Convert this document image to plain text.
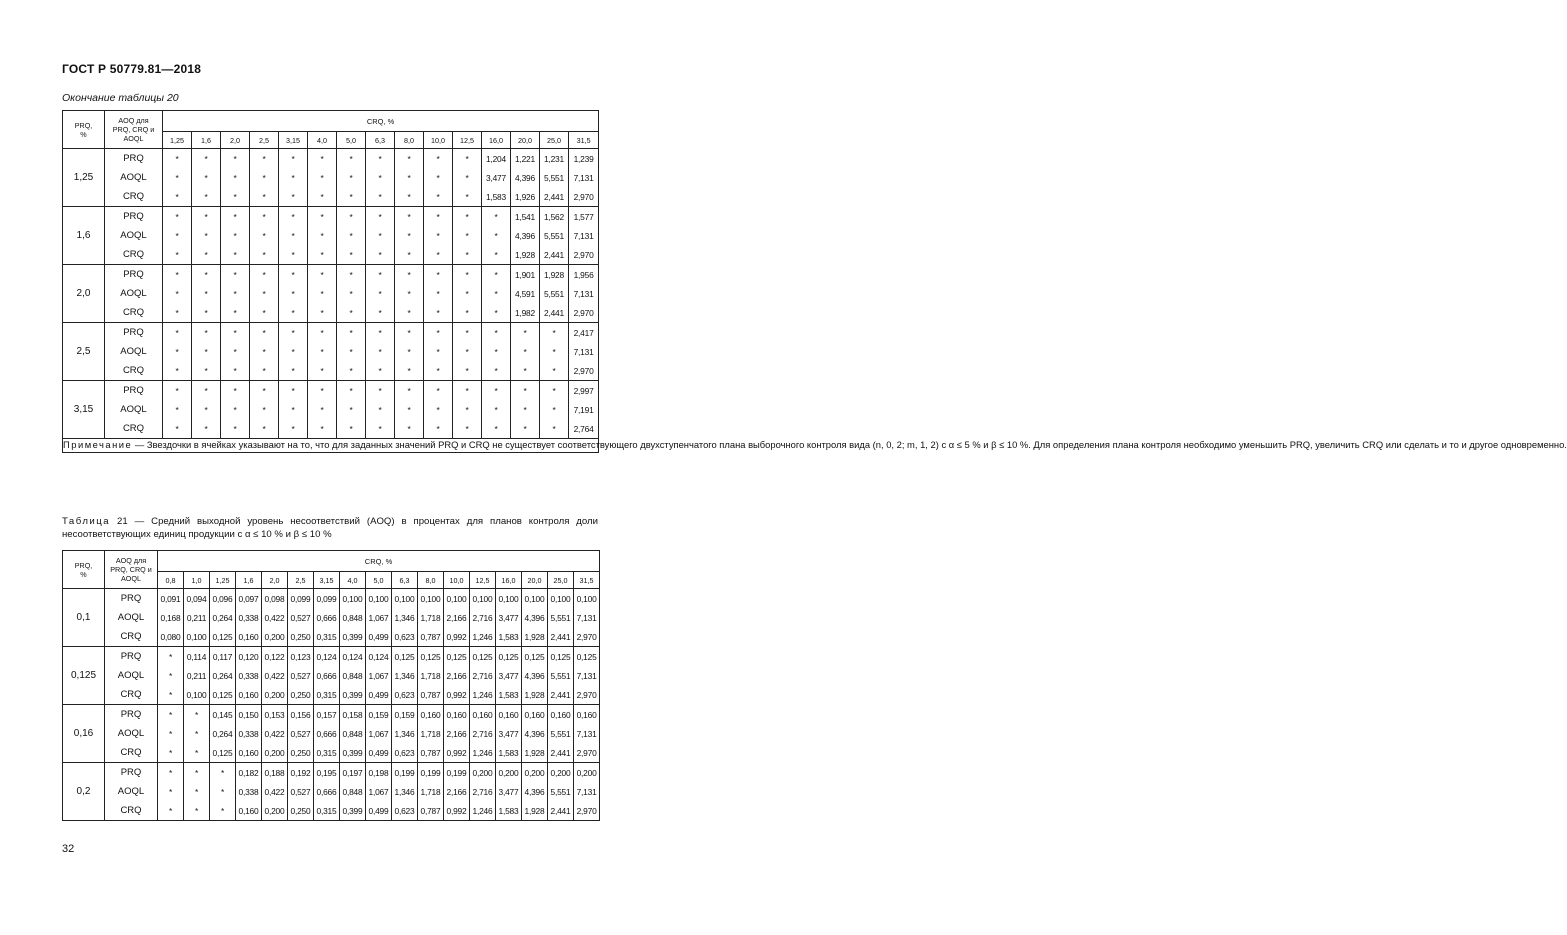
ГОСТ Р 50779.81—2018
Окончание таблицы 20
PRQ, %	AOQ для PRQ, CRQ и AOQL	CRQ, %														
		1,25	1,6	2,0	2,5	3,15	4,0	5,0	6,3	8,0	10,0	12,5	16,0	20,0	25,0	31,5
1,25	PRQ	*	*	*	*	*	*	*	*	*	*	*	1,204	1,221	1,231	1,239
	AOQL	*	*	*	*	*	*	*	*	*	*	*	3,477	4,396	5,551	7,131
	CRQ	*	*	*	*	*	*	*	*	*	*	*	1,583	1,926	2,441	2,970
1,6	PRQ	*	*	*	*	*	*	*	*	*	*	*	*	1,541	1,562	1,577
	AOQL	*	*	*	*	*	*	*	*	*	*	*	*	4,396	5,551	7,131
	CRQ	*	*	*	*	*	*	*	*	*	*	*	*	1,928	2,441	2,970
2,0	PRQ	*	*	*	*	*	*	*	*	*	*	*	*	1,901	1,928	1,956
	AOQL	*	*	*	*	*	*	*	*	*	*	*	*	4,591	5,551	7,131
	CRQ	*	*	*	*	*	*	*	*	*	*	*	*	1,982	2,441	2,970
2,5	PRQ	*	*	*	*	*	*	*	*	*	*	*	*	*	*	2,417
	AOQL	*	*	*	*	*	*	*	*	*	*	*	*	*	*	7,131
	CRQ	*	*	*	*	*	*	*	*	*	*	*	*	*	*	2,970
3,15	PRQ	*	*	*	*	*	*	*	*	*	*	*	*	*	*	2,997
	AOQL	*	*	*	*	*	*	*	*	*	*	*	*	*	*	7,191
	CRQ	*	*	*	*	*	*	*	*	*	*	*	*	*	*	2,764
Примечание — Звездочки в ячейках указывают на то, что для заданных значений PRQ и CRQ не существует соответствующего двухступенчатого плана выборочного контроля вида (n, 0, 2; m, 1, 2) с α ≤ 5 % и β ≤ 10 %. Для определения плана контроля необходимо уменьшить PRQ, увеличить CRQ или сделать и то и другое одновременно.																
Таблица 21 — Средний выходной уровень несоответствий (AOQ) в процентах для планов контроля доли несоответствующих единиц продукции с α ≤ 10 % и β ≤ 10 %
PRQ, %	AOQ для PRQ, CRQ и AOQL	CRQ, %																
		0,8	1,0	1,25	1,6	2,0	2,5	3,15	4,0	5,0	6,3	8,0	10,0	12,5	16,0	20,0	25,0	31,5
0,1	PRQ	0,091	0,094	0,096	0,097	0,098	0,099	0,099	0,100	0,100	0,100	0,100	0,100	0,100	0,100	0,100	0,100	0,100
	AOQL	0,168	0,211	0,264	0,338	0,422	0,527	0,666	0,848	1,067	1,346	1,718	2,166	2,716	3,477	4,396	5,551	7,131
	CRQ	0,080	0,100	0,125	0,160	0,200	0,250	0,315	0,399	0,499	0,623	0,787	0,992	1,246	1,583	1,928	2,441	2,970
0,125	PRQ	*	0,114	0,117	0,120	0,122	0,123	0,124	0,124	0,124	0,125	0,125	0,125	0,125	0,125	0,125	0,125	0,125
	AOQL	*	0,211	0,264	0,338	0,422	0,527	0,666	0,848	1,067	1,346	1,718	2,166	2,716	3,477	4,396	5,551	7,131
	CRQ	*	0,100	0,125	0,160	0,200	0,250	0,315	0,399	0,499	0,623	0,787	0,992	1,246	1,583	1,928	2,441	2,970
0,16	PRQ	*	*	0,145	0,150	0,153	0,156	0,157	0,158	0,159	0,159	0,160	0,160	0,160	0,160	0,160	0,160	0,160
	AOQL	*	*	0,264	0,338	0,422	0,527	0,666	0,848	1,067	1,346	1,718	2,166	2,716	3,477	4,396	5,551	7,131
	CRQ	*	*	0,125	0,160	0,200	0,250	0,315	0,399	0,499	0,623	0,787	0,992	1,246	1,583	1,928	2,441	2,970
0,2	PRQ	*	*	*	0,182	0,188	0,192	0,195	0,197	0,198	0,199	0,199	0,199	0,200	0,200	0,200	0,200	0,200
	AOQL	*	*	*	0,338	0,422	0,527	0,666	0,848	1,067	1,346	1,718	2,166	2,716	3,477	4,396	5,551	7,131
	CRQ	*	*	*	0,160	0,200	0,250	0,315	0,399	0,499	0,623	0,787	0,992	1,246	1,583	1,928	2,441	2,970
32
